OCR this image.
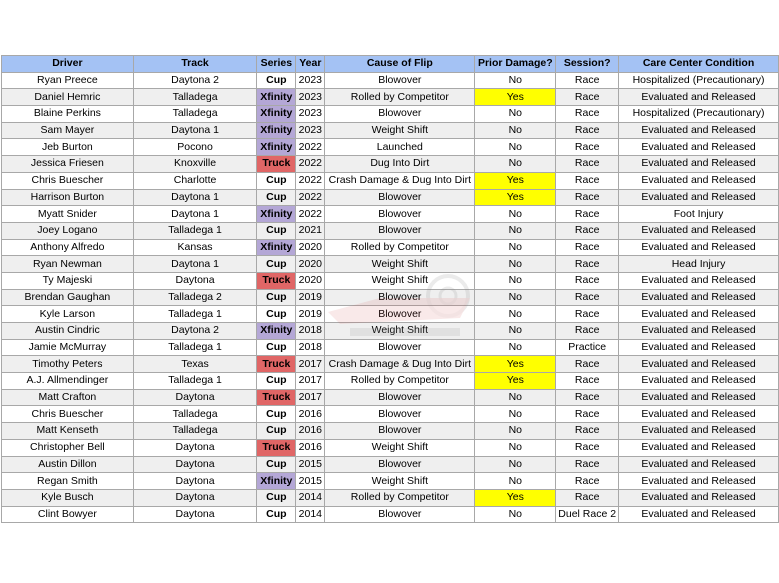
Driver	Track	Series	Year	Cause of Flip	Prior Damage?	Session?	Care Center Condition
Ryan Preece	Daytona 2	Cup	2023	Blowover	No	Race	Hospitalized (Precautionary)
Daniel Hemric	Talladega	Xfinity	2023	Rolled by Competitor	Yes	Race	Evaluated and Released
Blaine Perkins	Talladega	Xfinity	2023	Blowover	No	Race	Hospitalized (Precautionary)
Sam Mayer	Daytona 1	Xfinity	2023	Weight Shift	No	Race	Evaluated and Released
Jeb Burton	Pocono	Xfinity	2022	Launched	No	Race	Evaluated and Released
Jessica Friesen	Knoxville	Truck	2022	Dug Into Dirt	No	Race	Evaluated and Released
Chris Buescher	Charlotte	Cup	2022	Crash Damage & Dug Into Dirt	Yes	Race	Evaluated and Released
Harrison Burton	Daytona 1	Cup	2022	Blowover	Yes	Race	Evaluated and Released
Myatt Snider	Daytona 1	Xfinity	2022	Blowover	No	Race	Foot Injury
Joey Logano	Talladega 1	Cup	2021	Blowover	No	Race	Evaluated and Released
Anthony Alfredo	Kansas	Xfinity	2020	Rolled by Competitor	No	Race	Evaluated and Released
Ryan Newman	Daytona 1	Cup	2020	Weight Shift	No	Race	Head Injury
Ty Majeski	Daytona	Truck	2020	Weight Shift	No	Race	Evaluated and Released
Brendan Gaughan	Talladega 2	Cup	2019	Blowover	No	Race	Evaluated and Released
Kyle Larson	Talladega 1	Cup	2019	Blowover	No	Race	Evaluated and Released
Austin Cindric	Daytona 2	Xfinity	2018	Weight Shift	No	Race	Evaluated and Released
Jamie McMurray	Talladega 1	Cup	2018	Blowover	No	Practice	Evaluated and Released
Timothy Peters	Texas	Truck	2017	Crash Damage & Dug Into Dirt	Yes	Race	Evaluated and Released
A.J. Allmendinger	Talladega 1	Cup	2017	Rolled by Competitor	Yes	Race	Evaluated and Released
Matt Crafton	Daytona	Truck	2017	Blowover	No	Race	Evaluated and Released
Chris Buescher	Talladega	Cup	2016	Blowover	No	Race	Evaluated and Released
Matt Kenseth	Talladega	Cup	2016	Blowover	No	Race	Evaluated and Released
Christopher Bell	Daytona	Truck	2016	Weight Shift	No	Race	Evaluated and Released
Austin Dillon	Daytona	Cup	2015	Blowover	No	Race	Evaluated and Released
Regan Smith	Daytona	Xfinity	2015	Weight Shift	No	Race	Evaluated and Released
Kyle Busch	Daytona	Cup	2014	Rolled by Competitor	Yes	Race	Evaluated and Released
Clint Bowyer	Daytona	Cup	2014	Blowover	No	Duel Race 2	Evaluated and Released
